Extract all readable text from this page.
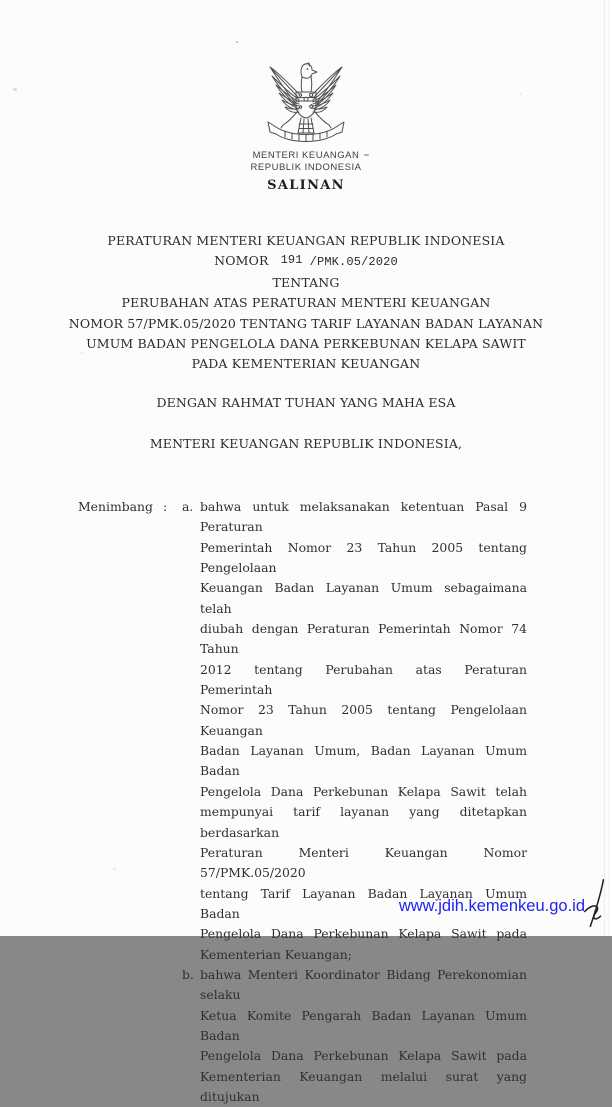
MENTERI KEUANGAN
REPUBLIK INDONESIA
SALINAN
PERATURAN MENTERI KEUANGAN REPUBLIK INDONESIA
NOMOR 191 /PMK.05/2020
TENTANG
PERUBAHAN ATAS PERATURAN MENTERI KEUANGAN
NOMOR 57/PMK.05/2020 TENTANG TARIF LAYANAN BADAN LAYANAN
UMUM BADAN PENGELOLA DANA PERKEBUNAN KELAPA SAWIT
PADA KEMENTERIAN KEUANGAN
DENGAN RAHMAT TUHAN YANG MAHA ESA
MENTERI KEUANGAN REPUBLIK INDONESIA,
Menimbang :	a. bahwa untuk melaksanakan ketentuan Pasal 9 Peraturan
Pemerintah Nomor 23 Tahun 2005 tentang Pengelolaan
Keuangan Badan Layanan Umum sebagaimana telah
diubah dengan Peraturan Pemerintah Nomor 74 Tahun
2012 tentang Perubahan atas Peraturan Pemerintah
Nomor 23 Tahun 2005 tentang Pengelolaan Keuangan
Badan Layanan Umum, Badan Layanan Umum Badan
Pengelola Dana Perkebunan Kelapa Sawit telah
mempunyai tarif layanan yang ditetapkan berdasarkan
Peraturan Menteri Keuangan Nomor 57/PMK.05/2020
tentang Tarif Layanan Badan Layanan Umum Badan
Pengelola Dana Perkebunan Kelapa Sawit pada
Kementerian Keuangan;
b. bahwa Menteri Koordinator Bidang Perekonomian selaku
Ketua Komite Pengarah Badan Layanan Umum Badan
Pengelola Dana Perkebunan Kelapa Sawit pada
Kementerian Keuangan melalui surat yang ditujukan
www.jdih.kemenkeu.go.id
